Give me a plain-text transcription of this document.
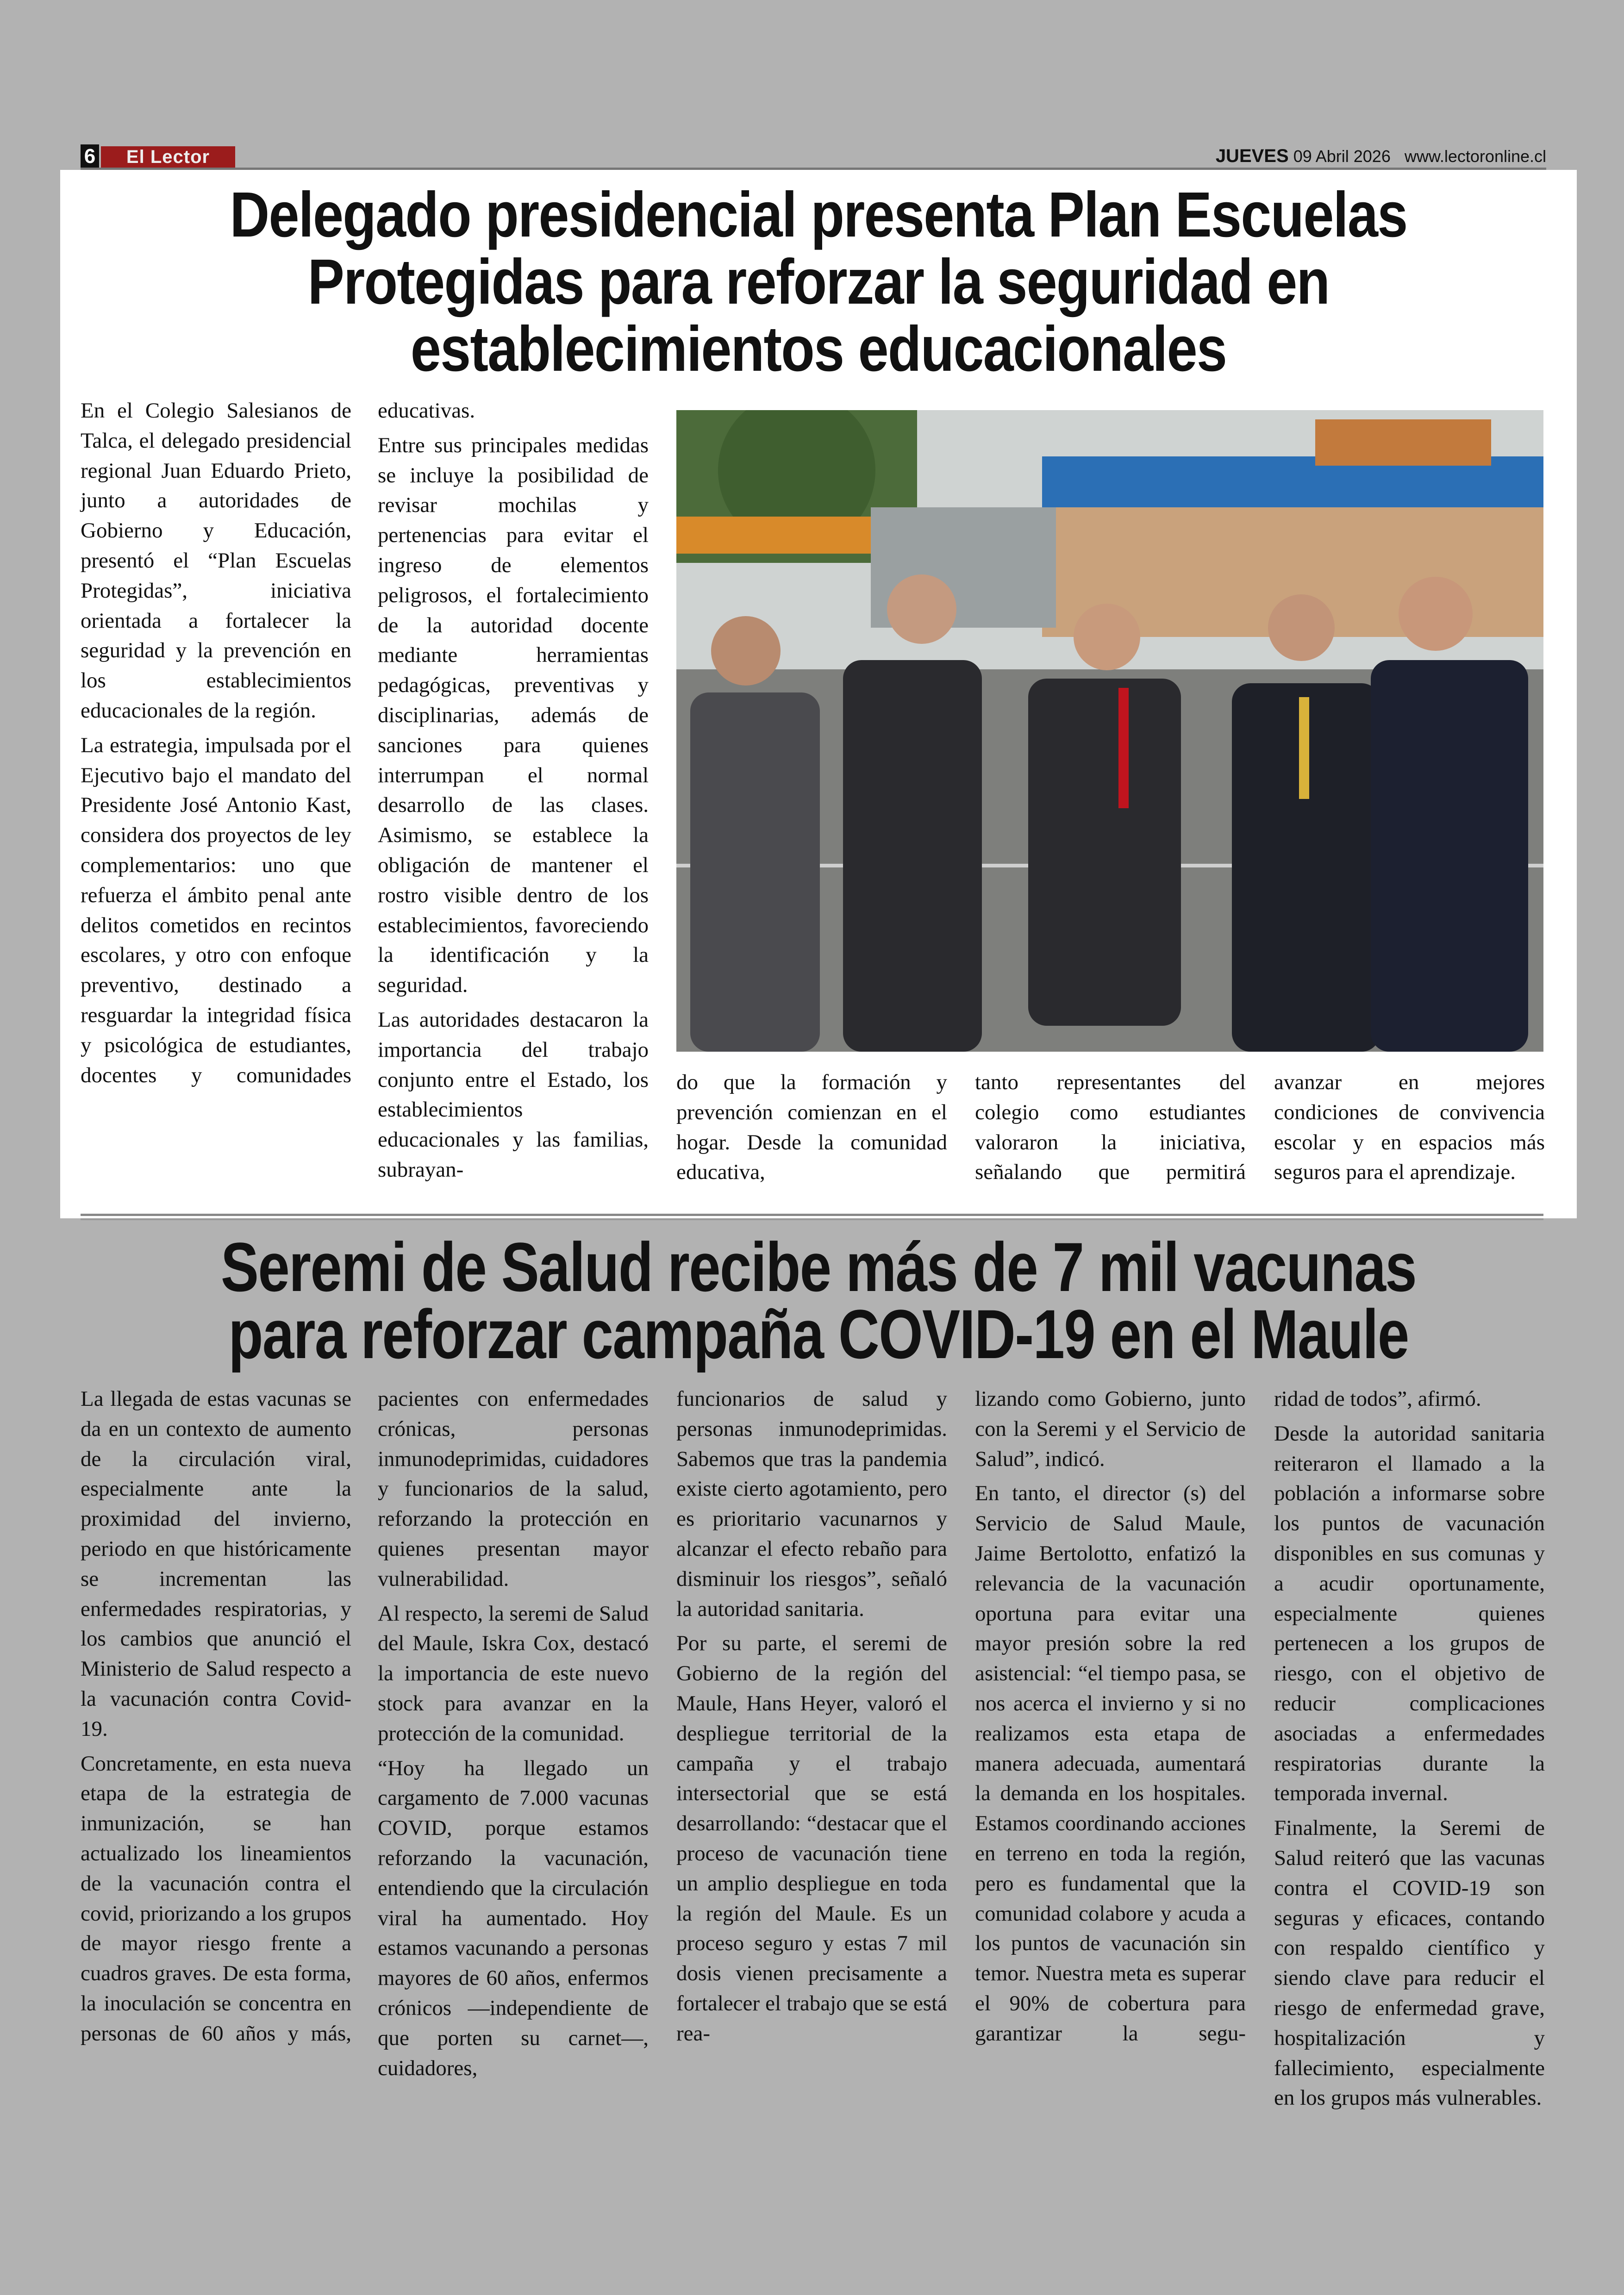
6	El Lector	JUEVES 09 Abril 2026 www.lectoronline.cl
Delegado presidencial presenta Plan Escuelas Protegidas para reforzar la seguridad en establecimientos educacionales

En el Colegio Salesianos de Talca, el delegado presidencial regional Juan Eduardo Prieto, junto a autoridades de Gobierno y Educación, presentó el “Plan Escuelas Protegidas”, iniciativa orientada a fortalecer la seguridad y la prevención en los establecimientos educacionales de la región.

La estrategia, impulsada por el Ejecutivo bajo el mandato del Presidente José Antonio Kast, considera dos proyectos de ley complementarios: uno que refuerza el ámbito penal ante delitos cometidos en recintos escolares, y otro con enfoque preventivo, destinado a resguardar la integridad física y psicológica de estudiantes, docentes y comunidades

educativas.

Entre sus principales medidas se incluye la posibilidad de revisar mochilas y pertenencias para evitar el ingreso de elementos peligrosos, el fortalecimiento de la autoridad docente mediante herramientas pedagógicas, preventivas y disciplinarias, además de sanciones para quienes interrumpan el normal desarrollo de las clases. Asimismo, se establece la obligación de mantener el rostro visible dentro de los establecimientos, favoreciendo la identificación y la seguridad.

Las autoridades destacaron la importancia del trabajo conjunto entre el Estado, los establecimientos educacionales y las familias, subrayan-

do que la formación y prevención comienzan en el hogar. Desde la comunidad educativa,

tanto representantes del colegio como estudiantes valoraron la iniciativa, señalando que permitirá

avanzar en mejores condiciones de convivencia escolar y en espacios más seguros para el aprendizaje.

Seremi de Salud recibe más de 7 mil vacunas para reforzar campaña COVID-19 en el Maule

La llegada de estas vacunas se da en un contexto de aumento de la circulación viral, especialmente ante la proximidad del invierno, periodo en que históricamente se incrementan las enfermedades respiratorias, y los cambios que anunció el Ministerio de Salud respecto a la vacunación contra Covid-19.

Concretamente, en esta nueva etapa de la estrategia de inmunización, se han actualizado los lineamientos de la vacunación contra el covid, priorizando a los grupos de mayor riesgo frente a cuadros graves. De esta forma, la inoculación se concentra en personas de 60 años y más,

pacientes con enfermedades crónicas, personas inmunodeprimidas, cuidadores y funcionarios de la salud, reforzando la protección en quienes presentan mayor vulnerabilidad.

Al respecto, la seremi de Salud del Maule, Iskra Cox, destacó la importancia de este nuevo stock para avanzar en la protección de la comunidad.

“Hoy ha llegado un cargamento de 7.000 vacunas COVID, porque estamos reforzando la vacunación, entendiendo que la circulación viral ha aumentado. Hoy estamos vacunando a personas mayores de 60 años, enfermos crónicos —independiente de que porten su carnet—, cuidadores,

funcionarios de salud y personas inmunodeprimidas. Sabemos que tras la pandemia existe cierto agotamiento, pero es prioritario vacunarnos y alcanzar el efecto rebaño para disminuir los riesgos”, señaló la autoridad sanitaria.

Por su parte, el seremi de Gobierno de la región del Maule, Hans Heyer, valoró el despliegue territorial de la campaña y el trabajo intersectorial que se está desarrollando: “destacar que el proceso de vacunación tiene un amplio despliegue en toda la región del Maule. Es un proceso seguro y estas 7 mil dosis vienen precisamente a fortalecer el trabajo que se está rea-

lizando como Gobierno, junto con la Seremi y el Servicio de Salud”, indicó.

En tanto, el director (s) del Servicio de Salud Maule, Jaime Bertolotto, enfatizó la relevancia de la vacunación oportuna para evitar una mayor presión sobre la red asistencial: “el tiempo pasa, se nos acerca el invierno y si no realizamos esta etapa de manera adecuada, aumentará la demanda en los hospitales. Estamos coordinando acciones en terreno en toda la región, pero es fundamental que la comunidad colabore y acuda a los puntos de vacunación sin temor. Nuestra meta es superar el 90% de cobertura para garantizar la segu-

ridad de todos”, afirmó.

Desde la autoridad sanitaria reiteraron el llamado a la población a informarse sobre los puntos de vacunación disponibles en sus comunas y a acudir oportunamente, especialmente quienes pertenecen a los grupos de riesgo, con el objetivo de reducir complicaciones asociadas a enfermedades respiratorias durante la temporada invernal.

Finalmente, la Seremi de Salud reiteró que las vacunas contra el COVID-19 son seguras y eficaces, contando con respaldo científico y siendo clave para reducir el riesgo de enfermedad grave, hospitalización y fallecimiento, especialmente en los grupos más vulnerables.
